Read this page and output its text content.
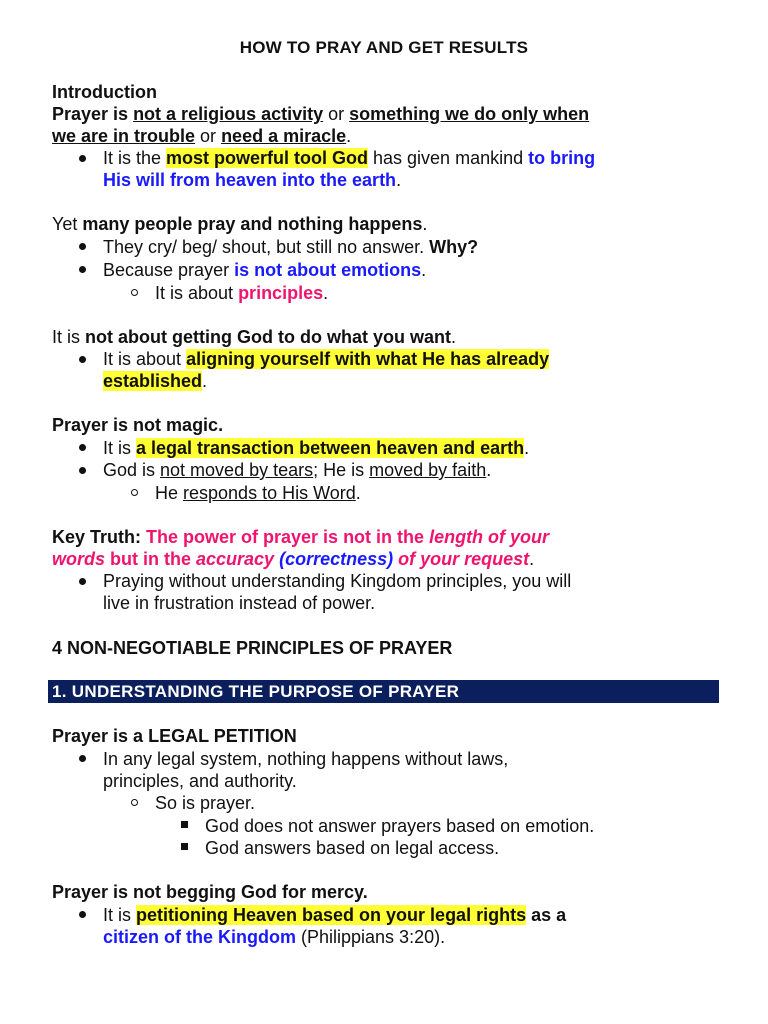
HOW TO PRAY AND GET RESULTS
Introduction
Prayer is not a religious activity or something we do only when
we are in trouble or need a miracle.
It is the most powerful tool God has given mankind to bring
His will from heaven into the earth.
Yet many people pray and nothing happens.
They cry/ beg/ shout, but still no answer. Why?
Because prayer is not about emotions.
It is about principles.
It is not about getting God to do what you want.
It is about aligning yourself with what He has already
established.
Prayer is not magic.
It is a legal transaction between heaven and earth.
God is not moved by tears; He is moved by faith.
He responds to His Word.
Key Truth: The power of prayer is not in the length of your
words but in the accuracy (correctness) of your request.
Praying without understanding Kingdom principles, you will
live in frustration instead of power.
4 NON-NEGOTIABLE PRINCIPLES OF PRAYER
1. UNDERSTANDING THE PURPOSE OF PRAYER
Prayer is a LEGAL PETITION
In any legal system, nothing happens without laws,
principles, and authority.
So is prayer.
God does not answer prayers based on emotion.
God answers based on legal access.
Prayer is not begging God for mercy.
It is petitioning Heaven based on your legal rights as a
citizen of the Kingdom (Philippians 3:20).
